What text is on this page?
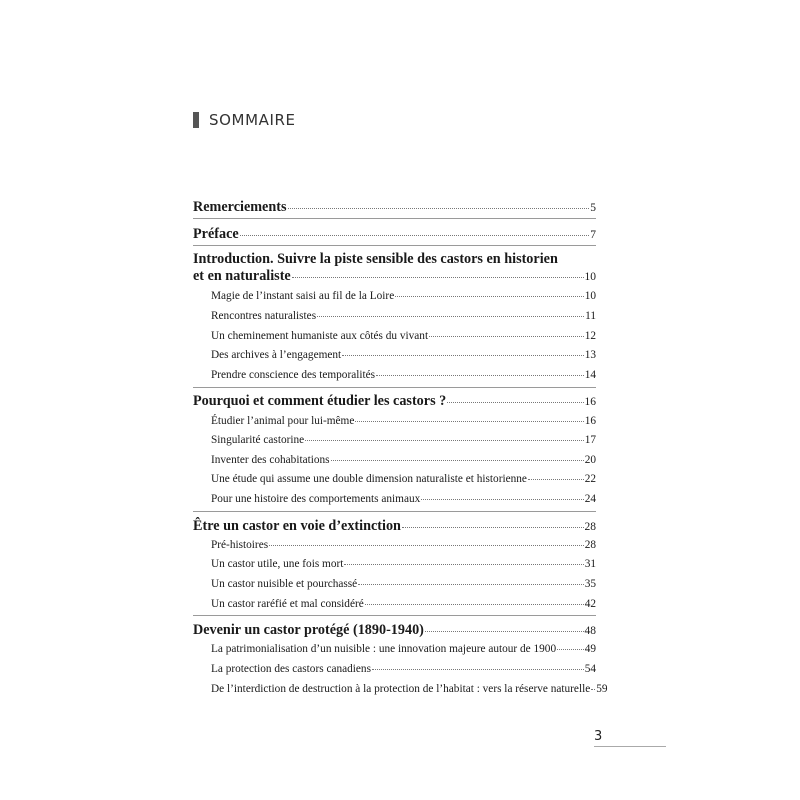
SOMMAIRE
Remerciements	5
Préface	7
Introduction. Suivre la piste sensible des castors en historien
et en naturaliste	10
Magie de l’instant saisi au fil de la Loire	10
Rencontres naturalistes	11
Un cheminement humaniste aux côtés du vivant	12
Des archives à l’engagement	13
Prendre conscience des temporalités	14
Pourquoi et comment étudier les castors ?	16
Étudier l’animal pour lui-même	16
Singularité castorine	17
Inventer des cohabitations	20
Une étude qui assume une double dimension naturaliste et historienne	22
Pour une histoire des comportements animaux	24
Être un castor en voie d’extinction	28
Pré-histoires	28
Un castor utile, une fois mort	31
Un castor nuisible et pourchassé	35
Un castor raréfié et mal considéré	42
Devenir un castor protégé (1890-1940)	48
La patrimonialisation d’un nuisible : une innovation majeure autour de 1900	49
La protection des castors canadiens	54
De l’interdiction de destruction à la protection de l’habitat : vers la réserve naturelle 59
3
